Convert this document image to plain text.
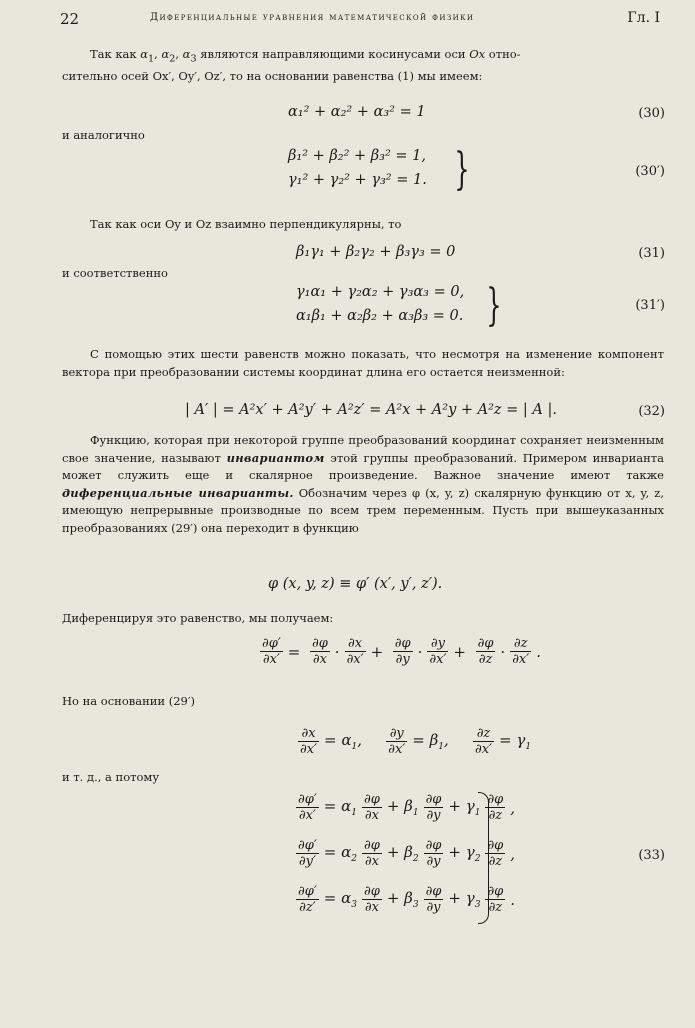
22	Диференциальные уравнения математической физики	Гл. I
Так как $\alpha_1$, $\alpha_2$, $\alpha_3$ являются направляющими косинусами оси Ox отно-
сительно осей Ox′, Oy′, Oz′, то на основании равенства (1) мы имеем:
α₁² + α₂² + α₃² = 1	(30)
и аналогично
β₁² + β₂² + β₃² = 1,
γ₁² + γ₂² + γ₃² = 1. }	(30′)
Так как оси Oy и Oz взаимно перпендикулярны, то
β₁γ₁ + β₂γ₂ + β₃γ₃ = 0	(31)
и соответственно
γ₁α₁ + γ₂α₂ + γ₃α₃ = 0,
α₁β₁ + α₂β₂ + α₃β₃ = 0. }	(31′)
С помощью этих шести равенств можно показать, что несмотря на изменение компонент вектора при преобразовании системы координат длина его остается неизменной:
| A′ | = A²x′ + A²y′ + A²z′ = A²x + A²y + A²z = | A |.	(32)
Функцию, которая при некоторой группе преобразований координат сохраняет неизменным свое значение, называют инвариантом этой группы преобразований. Примером инварианта может служить еще и скалярное произведение. Важное значение имеют также диференциальные инварианты. Обозначим через φ (x, y, z) скалярную функцию от x, y, z, имеющую непрерывные производные по всем трем переменным. Пусть при вышеуказанных преобразованиях (29′) она переходит в функцию
φ (x, y, z) ≡ φ′ (x′, y′, z′).
Диференцируя это равенство, мы получаем:
$\frac{\partial\varphi'}{\partial x'} = \frac{\partial\varphi}{\partial x} \cdot \frac{\partial x}{\partial x'} + \frac{\partial\varphi}{\partial y} \cdot \frac{\partial y}{\partial x'} + \frac{\partial\varphi}{\partial z} \cdot \frac{\partial z}{\partial x'}$ .
Но на основании (29′)
$\frac{\partial x}{\partial x'} = \alpha_1$, $\frac{\partial y}{\partial x'} = \beta_1$, $\frac{\partial z}{\partial x'} = \gamma_1$
и т. д., а потому
$\frac{\partial\varphi'}{\partial x'} = \alpha_1 \frac{\partial\varphi}{\partial x} + \beta_1 \frac{\partial\varphi}{\partial y} + \gamma_1 \frac{\partial\varphi}{\partial z}$ ,
$\frac{\partial\varphi'}{\partial y'} = \alpha_2 \frac{\partial\varphi}{\partial x} + \beta_2 \frac{\partial\varphi}{\partial y} + \gamma_2 \frac{\partial\varphi}{\partial z}$ ,
$\frac{\partial\varphi'}{\partial z'} = \alpha_3 \frac{\partial\varphi}{\partial x} + \beta_3 \frac{\partial\varphi}{\partial y} + \gamma_3 \frac{\partial\varphi}{\partial z}$ .
(33)
